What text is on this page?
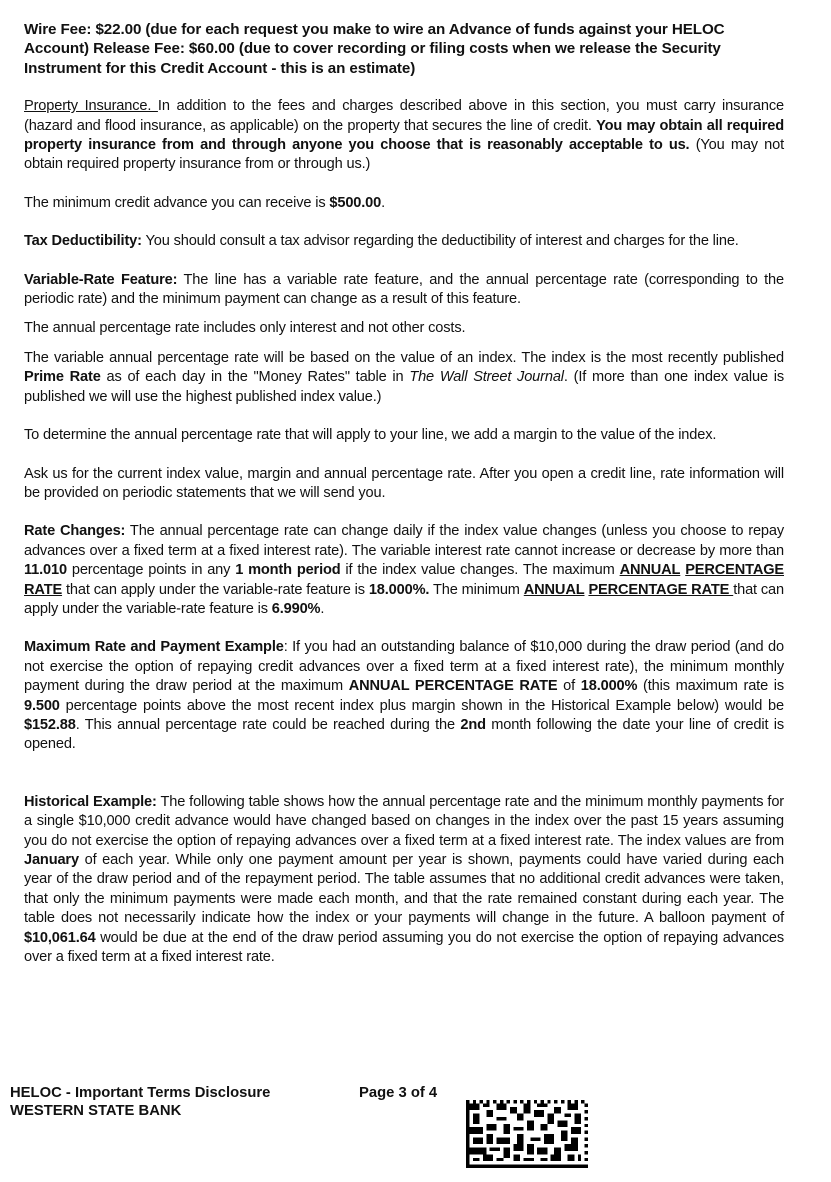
Wire Fee: $22.00 (due for each request you make to wire an Advance of funds against your HELOC Account) Release Fee: $60.00 (due to cover recording or filing costs when we release the Security Instrument for this Credit Account - this is an estimate)

Property Insurance. In addition to the fees and charges described above in this section, you must carry insurance (hazard and flood insurance, as applicable) on the property that secures the line of credit. You may obtain all required property insurance from and through anyone you choose that is reasonably acceptable to us. (You may not obtain required property insurance from or through us.)

The minimum credit advance you can receive is $500.00.

Tax Deductibility: You should consult a tax advisor regarding the deductibility of interest and charges for the line.

Variable-Rate Feature: The line has a variable rate feature, and the annual percentage rate (corresponding to the periodic rate) and the minimum payment can change as a result of this feature.

The annual percentage rate includes only interest and not other costs.

The variable annual percentage rate will be based on the value of an index. The index is the most recently published Prime Rate as of each day in the "Money Rates" table in The Wall Street Journal. (If more than one index value is published we will use the highest published index value.)

To determine the annual percentage rate that will apply to your line, we add a margin to the value of the index.

Ask us for the current index value, margin and annual percentage rate. After you open a credit line, rate information will be provided on periodic statements that we will send you.

Rate Changes: The annual percentage rate can change daily if the index value changes (unless you choose to repay advances over a fixed term at a fixed interest rate). The variable interest rate cannot increase or decrease by more than 11.010 percentage points in any 1 month period if the index value changes. The maximum ANNUAL PERCENTAGE RATE that can apply under the variable-rate feature is 18.000%. The minimum ANNUAL PERCENTAGE RATE that can apply under the variable-rate feature is 6.990%.

Maximum Rate and Payment Example: If you had an outstanding balance of $10,000 during the draw period (and do not exercise the option of repaying credit advances over a fixed term at a fixed interest rate), the minimum monthly payment during the draw period at the maximum ANNUAL PERCENTAGE RATE of 18.000% (this maximum rate is 9.500 percentage points above the most recent index plus margin shown in the Historical Example below) would be $152.88. This annual percentage rate could be reached during the 2nd month following the date your line of credit is opened.

Historical Example: The following table shows how the annual percentage rate and the minimum monthly payments for a single $10,000 credit advance would have changed based on changes in the index over the past 15 years assuming you do not exercise the option of repaying advances over a fixed term at a fixed interest rate. The index values are from January of each year. While only one payment amount per year is shown, payments could have varied during each year of the draw period and of the repayment period. The table assumes that no additional credit advances were taken, that only the minimum payments were made each month, and that the rate remained constant during each year. The table does not necessarily indicate how the index or your payments will change in the future. A balloon payment of $10,061.64 would be due at the end of the draw period assuming you do not exercise the option of repaying advances over a fixed term at a fixed interest rate.

HELOC - Important Terms Disclosure
WESTERN STATE BANK
Page 3 of 4
